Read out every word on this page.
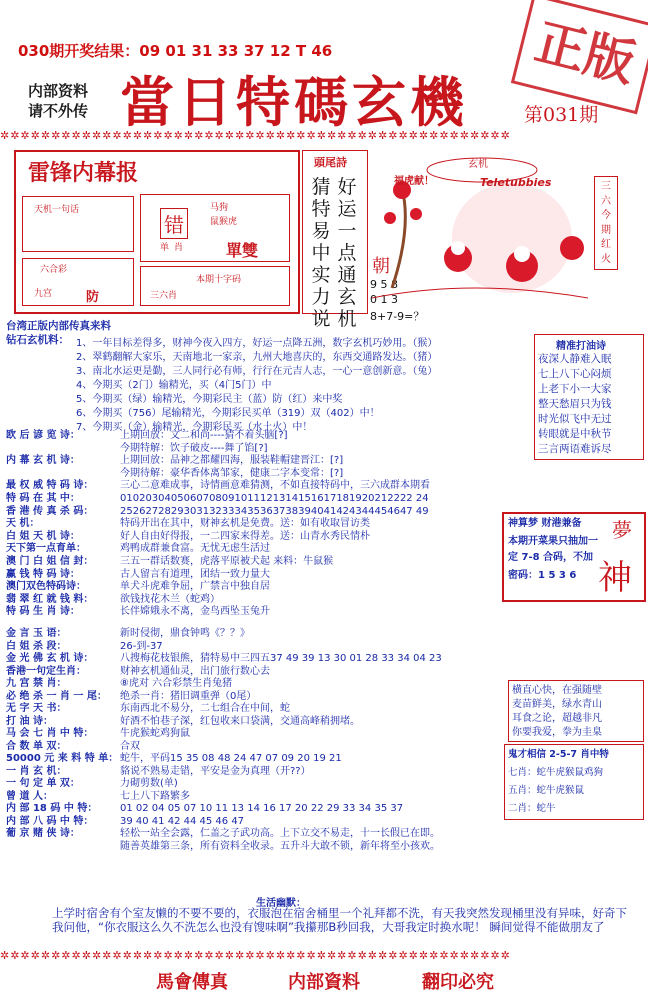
030期开奖结果：09 01 31 33 37 12 T 46	正版
内部资料
请不外传 當日特碼玄機	第031期
✲✲✲✲✲✲✲✲✲✲✲✲✲✲✲✲✲✲✲✲✲✲✲✲✲✲✲✲✲✲✲✲✲✲✲✲✲✲✲✲✲✲✲✲✲✲✲✲✲✲
雷锋内幕报
天机一句话
六合彩
九宫	防
错
马狗
鼠猴虎
單雙
本期十字码
三六肖
单 肖
頭尾詩
猜
特
易
中
实
力
说
好
运
一
点
通
玄
机
朝
9 5 8
0 1 3
8+7-9=？
福虎献！
玄机
Teletubbies	三
六
今
期
红
火
台湾正版内部传真来料
钻石玄机料： 1、一年目标差得多，财神今夜入四方，好运一点降五洲，数字玄机巧妙用。（猴）
2、翠鹤翻解大家乐，天南地北一家亲，九州大地喜庆的，东西交通路发达。（猪）
3、南北水运更是勤，三人同行必有师，行行在元吉人志，一心一意创新意。（兔）
4、今期买（2门）输精光，买（4门5门）中
5、今期买（绿）输精光，今期彩民主（蓝）防（红）来中奖
6、今期买（756）尾输精光，今期彩民买单（319）双（402）中！
7、今期买（金）输精光，今期彩民买（水土火）中！
欧 后 谚 览 诗：	上期回放：文二和尚----猜不着头脑[?]
今期特解：饮子破皮----舞了馅[?]
内 幕 玄 机 诗：	上期回放：品神之都耀四海，服装鞋帽建晋江：[?]
今期待解：豪华香体离邹家，健康二字本变常：[?]
最 权 威 特 码 诗：	三心二意难成事，诗情画意难猜测，不如直接特码中，三六成群本期看
特 码 在 其 中：	0102030405060708091011121314151617181920212222 24
香 港 传 真 杀 码：	2526272829303132333435363738394041424344454647 49
天 机：	特码开出在其中，财神玄机是免费。送：如有收取冒访类
白 姐 天 机 诗：	好人自由好得报，一二四家来得差。送：山青水秀民情朴
天下第一点育单：	鸡鸭成群兼食富。无忧无虑生活过
澳 门 白 姐 信 封：	三五一群话数赛，虎落平原被犬起 来料：牛鼠猴
赢 钱 特 码 诗：	古人留言有道理，团结一致力量大
澳门双色特码诗：	单犬斗虎难争屈，广禁言中独自居
翡 翠 红 就 钱 料：	欲钱找花木兰（蛇鸡）
特 码 生 肖 诗：	长伴嫦娥永不离，金鸟西坠玉兔升
金 言 玉 语：	新时侵彻，鼎食钟鸣《？？》
白 姐 杀 段：	26-到-37
金 光 佛 玄 机 诗：	八搜梅花枝银熊，猜特易中三四五37 49 39 13 30 01 28 33 34 04 23
香港一句定生肖：	财神玄机通仙灵，出门旅行数心去
九 宫 禁 肖：	⑧虎对 六合彩禁生肖兔猪
必 绝 杀 一 肖 一 尾： 绝杀一肖：猪旧调重弹（0尾）
无 字 天 书：	东南西北不易分，二七组合在中间，蛇
打 油 诗：	好酒不怕巷子深，红包收来口袋满，交通高峰稍拥堵。
马 会 七 肖 中 特：	牛虎猴蛇鸡狗鼠
合 数 单 双：	合双
50000 元 来 料 特 单： 蛇牛，平码15 35 08 48 24 47 07 09 20 19 21
一 肖 玄 机：	貉说不熟易走错，平安是金为真理（开??）
一 句 定 单 双：	力砌剪数(单)
曾 道 人：	七上八下路繁多
内 部 18 码 中 特： 01 02 04 05 07 10 11 13 14 16 17 20 22 29 33 34 35 37
内 部 八 码 中 特：	39 40 41 42 44 45 46 47
葡 京 赌 侠 诗：	轻松一站全会露，仁盖之子武功高。上下立交不易走，十一长假已在即。
随善英雄第三条，所有资料全收录。五升斗大敢不锁，新年将至小孩欢。
精准打油诗
夜深人静难入眠
七上八下心闷烦
上老下小一大家
整天愁眉只为钱
时光似飞中无过
转眼就是中秋节
三言两语难诉尽
神算梦 财港兼备
本期开菜果只抽加一
定 7-8 合码，不加
密码：1 5 3 6
夢
神
横直心快，在强随壁
麦苗鲜美，绿水青山
耳食之论，超越非凡
你要我爱，拳为圭臬
鬼才相信 2-5-7 肖中特
七肖：蛇牛虎猴鼠鸡狗
五肖：蛇牛虎猴鼠
二肖：蛇牛
生活幽默：
上学时宿舍有个室友懒的不要不要的，衣服泡在宿舍桶里一个礼拜都不洗，有天我突然发现桶里没有异味，好奇下我问他，“你衣服这么久不洗怎么也没有馊味啊”我攥那B秒回我，大哥我定时换水呢！ 瞬间觉得不能做朋友了
✲✲✲✲✲✲✲✲✲✲✲✲✲✲✲✲✲✲✲✲✲✲✲✲✲✲✲✲✲✲✲✲✲✲✲✲✲✲✲✲✲✲✲✲✲✲✲✲✲✲
馬會傳真	内部資料	翻印必究
